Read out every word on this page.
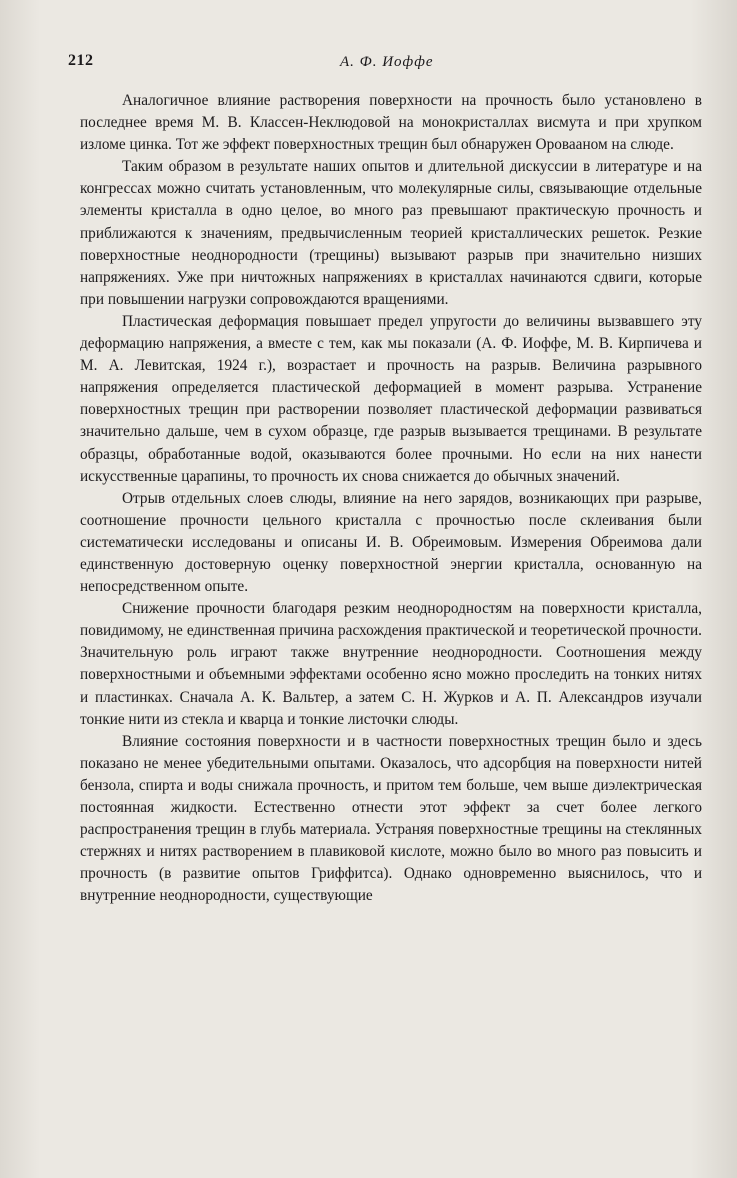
212	А. Ф. Иоффе

Аналогичное влияние растворения поверхности на прочность было установлено в последнее время М. В. Классен-Неклюдовой на монокристаллах висмута и при хрупком изломе цинка. Тот же эффект поверхностных трещин был обнаружен Оровааном на слюде.

Таким образом в результате наших опытов и длительной дискуссии в литературе и на конгрессах можно считать установленным, что молекулярные силы, связывающие отдельные элементы кристалла в одно целое, во много раз превышают практическую прочность и приближаются к значениям, предвычисленным теорией кристаллических решеток. Резкие поверхностные неоднородности (трещины) вызывают разрыв при значительно низших напряжениях. Уже при ничтожных напряжениях в кристаллах начинаются сдвиги, которые при повышении нагрузки сопровождаются вращениями.

Пластическая деформация повышает предел упругости до величины вызвавшего эту деформацию напряжения, а вместе с тем, как мы показали (А. Ф. Иоффе, М. В. Кирпичева и М. А. Левитская, 1924 г.), возрастает и прочность на разрыв. Величина разрывного напряжения определяется пластической деформацией в момент разрыва. Устранение поверхностных трещин при растворении позволяет пластической деформации развиваться значительно дальше, чем в сухом образце, где разрыв вызывается трещинами. В результате образцы, обработанные водой, оказываются более прочными. Но если на них нанести искусственные царапины, то прочность их снова снижается до обычных значений.

Отрыв отдельных слоев слюды, влияние на него зарядов, возникающих при разрыве, соотношение прочности цельного кристалла с прочностью после склеивания были систематически исследованы и описаны И. В. Обреимовым. Измерения Обреимова дали единственную достоверную оценку поверхностной энергии кристалла, основанную на непосредственном опыте.

Снижение прочности благодаря резким неоднородностям на поверхности кристалла, повидимому, не единственная причина расхождения практической и теоретической прочности. Значительную роль играют также внутренние неоднородности. Соотношения между поверхностными и объемными эффектами особенно ясно можно проследить на тонких нитях и пластинках. Сначала А. К. Вальтер, а затем С. Н. Журков и А. П. Александров изучали тонкие нити из стекла и кварца и тонкие листочки слюды.

Влияние состояния поверхности и в частности поверхностных трещин было и здесь показано не менее убедительными опытами. Оказалось, что адсорбция на поверхности нитей бензола, спирта и воды снижала прочность, и притом тем больше, чем выше диэлектрическая постоянная жидкости. Естественно отнести этот эффект за счет более легкого распространения трещин в глубь материала. Устраняя поверхностные трещины на стеклянных стержнях и нитях растворением в плавиковой кислоте, можно было во много раз повысить и прочность (в развитие опытов Гриффитса). Однако одновременно выяснилось, что и внутренние неоднородности, существующие
